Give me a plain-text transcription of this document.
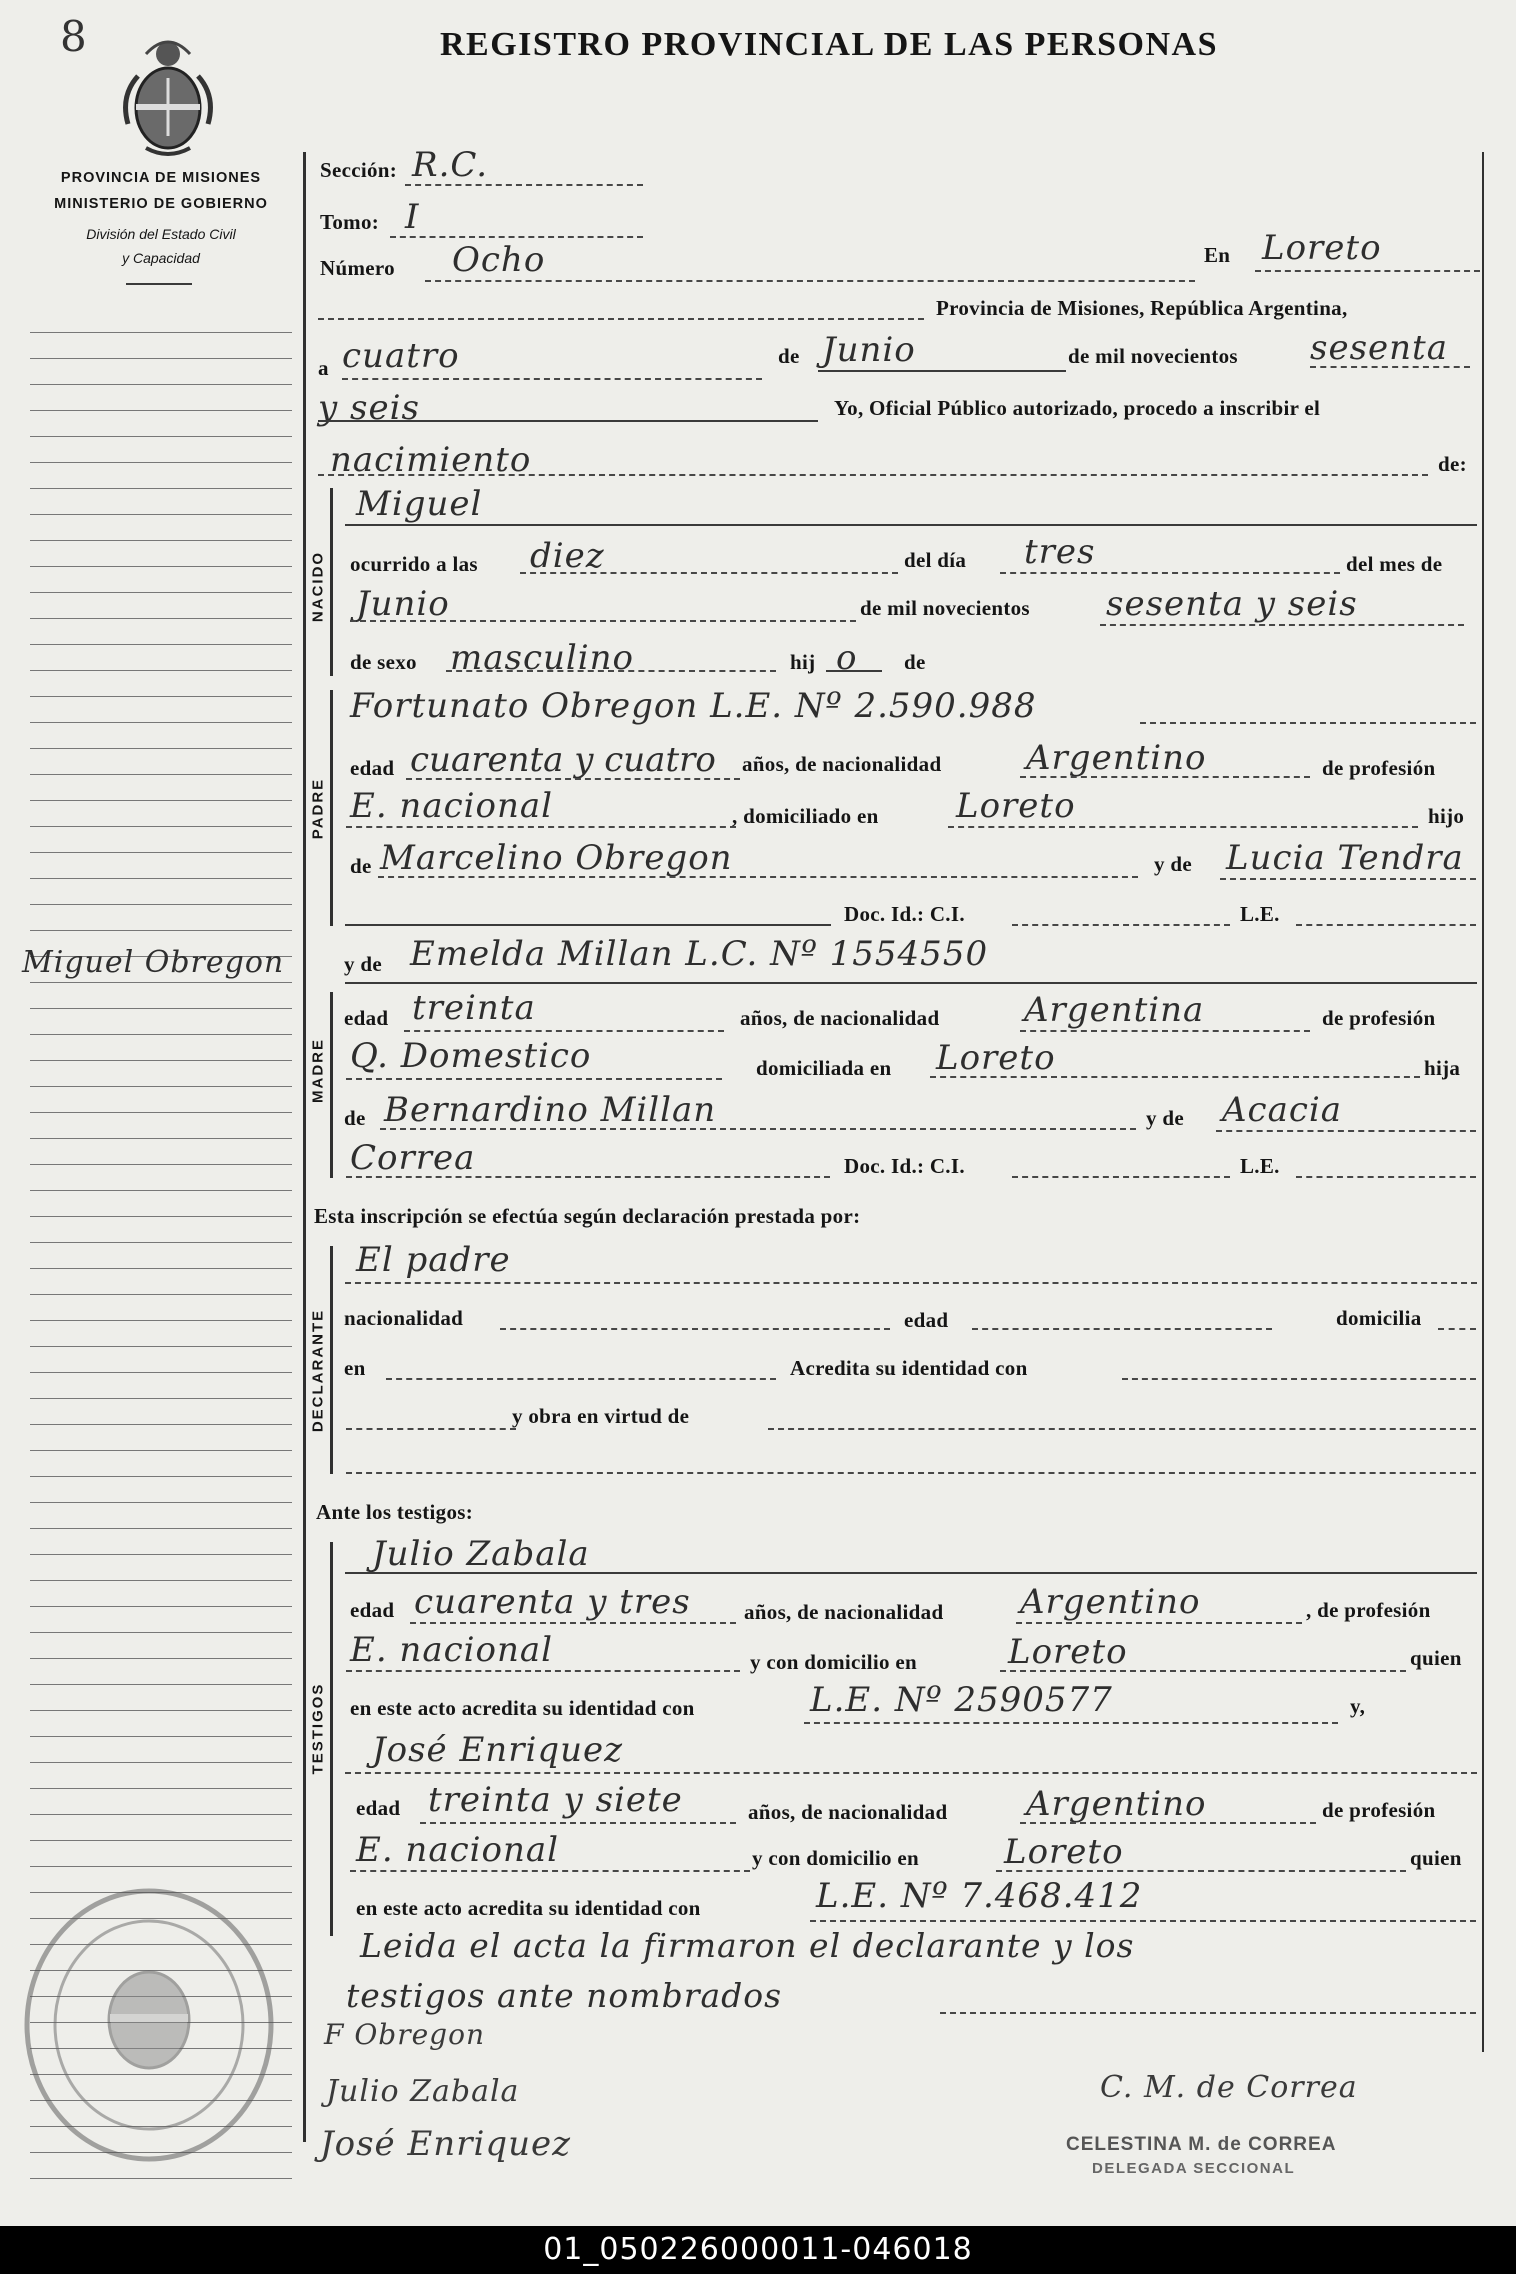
8	REGISTRO PROVINCIAL DE LAS PERSONAS
PROVINCIA DE MISIONES
MINISTERIO DE GOBIERNO
División del Estado Civil
y Capacidad
Miguel Obregon
Sección: R.C.
Tomo: I
Número Ocho	En Loreto
Provincia de Misiones, República Argentina,
a cuatro	de Junio	de mil novecientos sesenta
y seis	Yo, Oficial Público autorizado, procedo a inscribir el
nacimiento	de:
NACIDO
Miguel
ocurrido a las diez	del día tres	del mes de
Junio	de mil novecientos sesenta y seis
de sexo masculino	hij o de
PADRE
Fortunato Obregon L.E. Nº 2.590.988
edad cuarenta y cuatro años, de nacionalidad Argentino	de profesión
E. nacional	, domiciliado en Loreto	hijo
de Marcelino Obregon	y de Lucia Tendra
Doc. Id.: C.I.	L.E.
MADRE
y de Emelda Millan L.C. Nº 1554550
edad treinta	años, de nacionalidad Argentina	de profesión
Q. Domestico	domiciliada en Loreto	hija
de Bernardino Millan	y de Acacia
Correa	Doc. Id.: C.I.	L.E.
Esta inscripción se efectúa según declaración prestada por:
DECLARANTE
El padre
nacionalidad	edad	domicilia
en	Acredita su identidad con
y obra en virtud de
Ante los testigos:
TESTIGOS
Julio Zabala
edad cuarenta y tres	años, de nacionalidad Argentino	, de profesión
E. nacional	y con domicilio en	Loreto	quien
en este acto acredita su identidad con	L.E. Nº 2590577	y,
José Enriquez
edad treinta y siete	años, de nacionalidad Argentino	de profesión
E. nacional	y con domicilio en	Loreto	quien
en este acto acredita su identidad con	L.E. Nº 7.468.412
Leida el acta la firmaron el declarante y los
testigos ante nombrados
F Obregon
Julio Zabala
José Enriquez
C. M. de Correa
CELESTINA M. de CORREA
DELEGADA SECCIONAL
01_050226000011-046018
